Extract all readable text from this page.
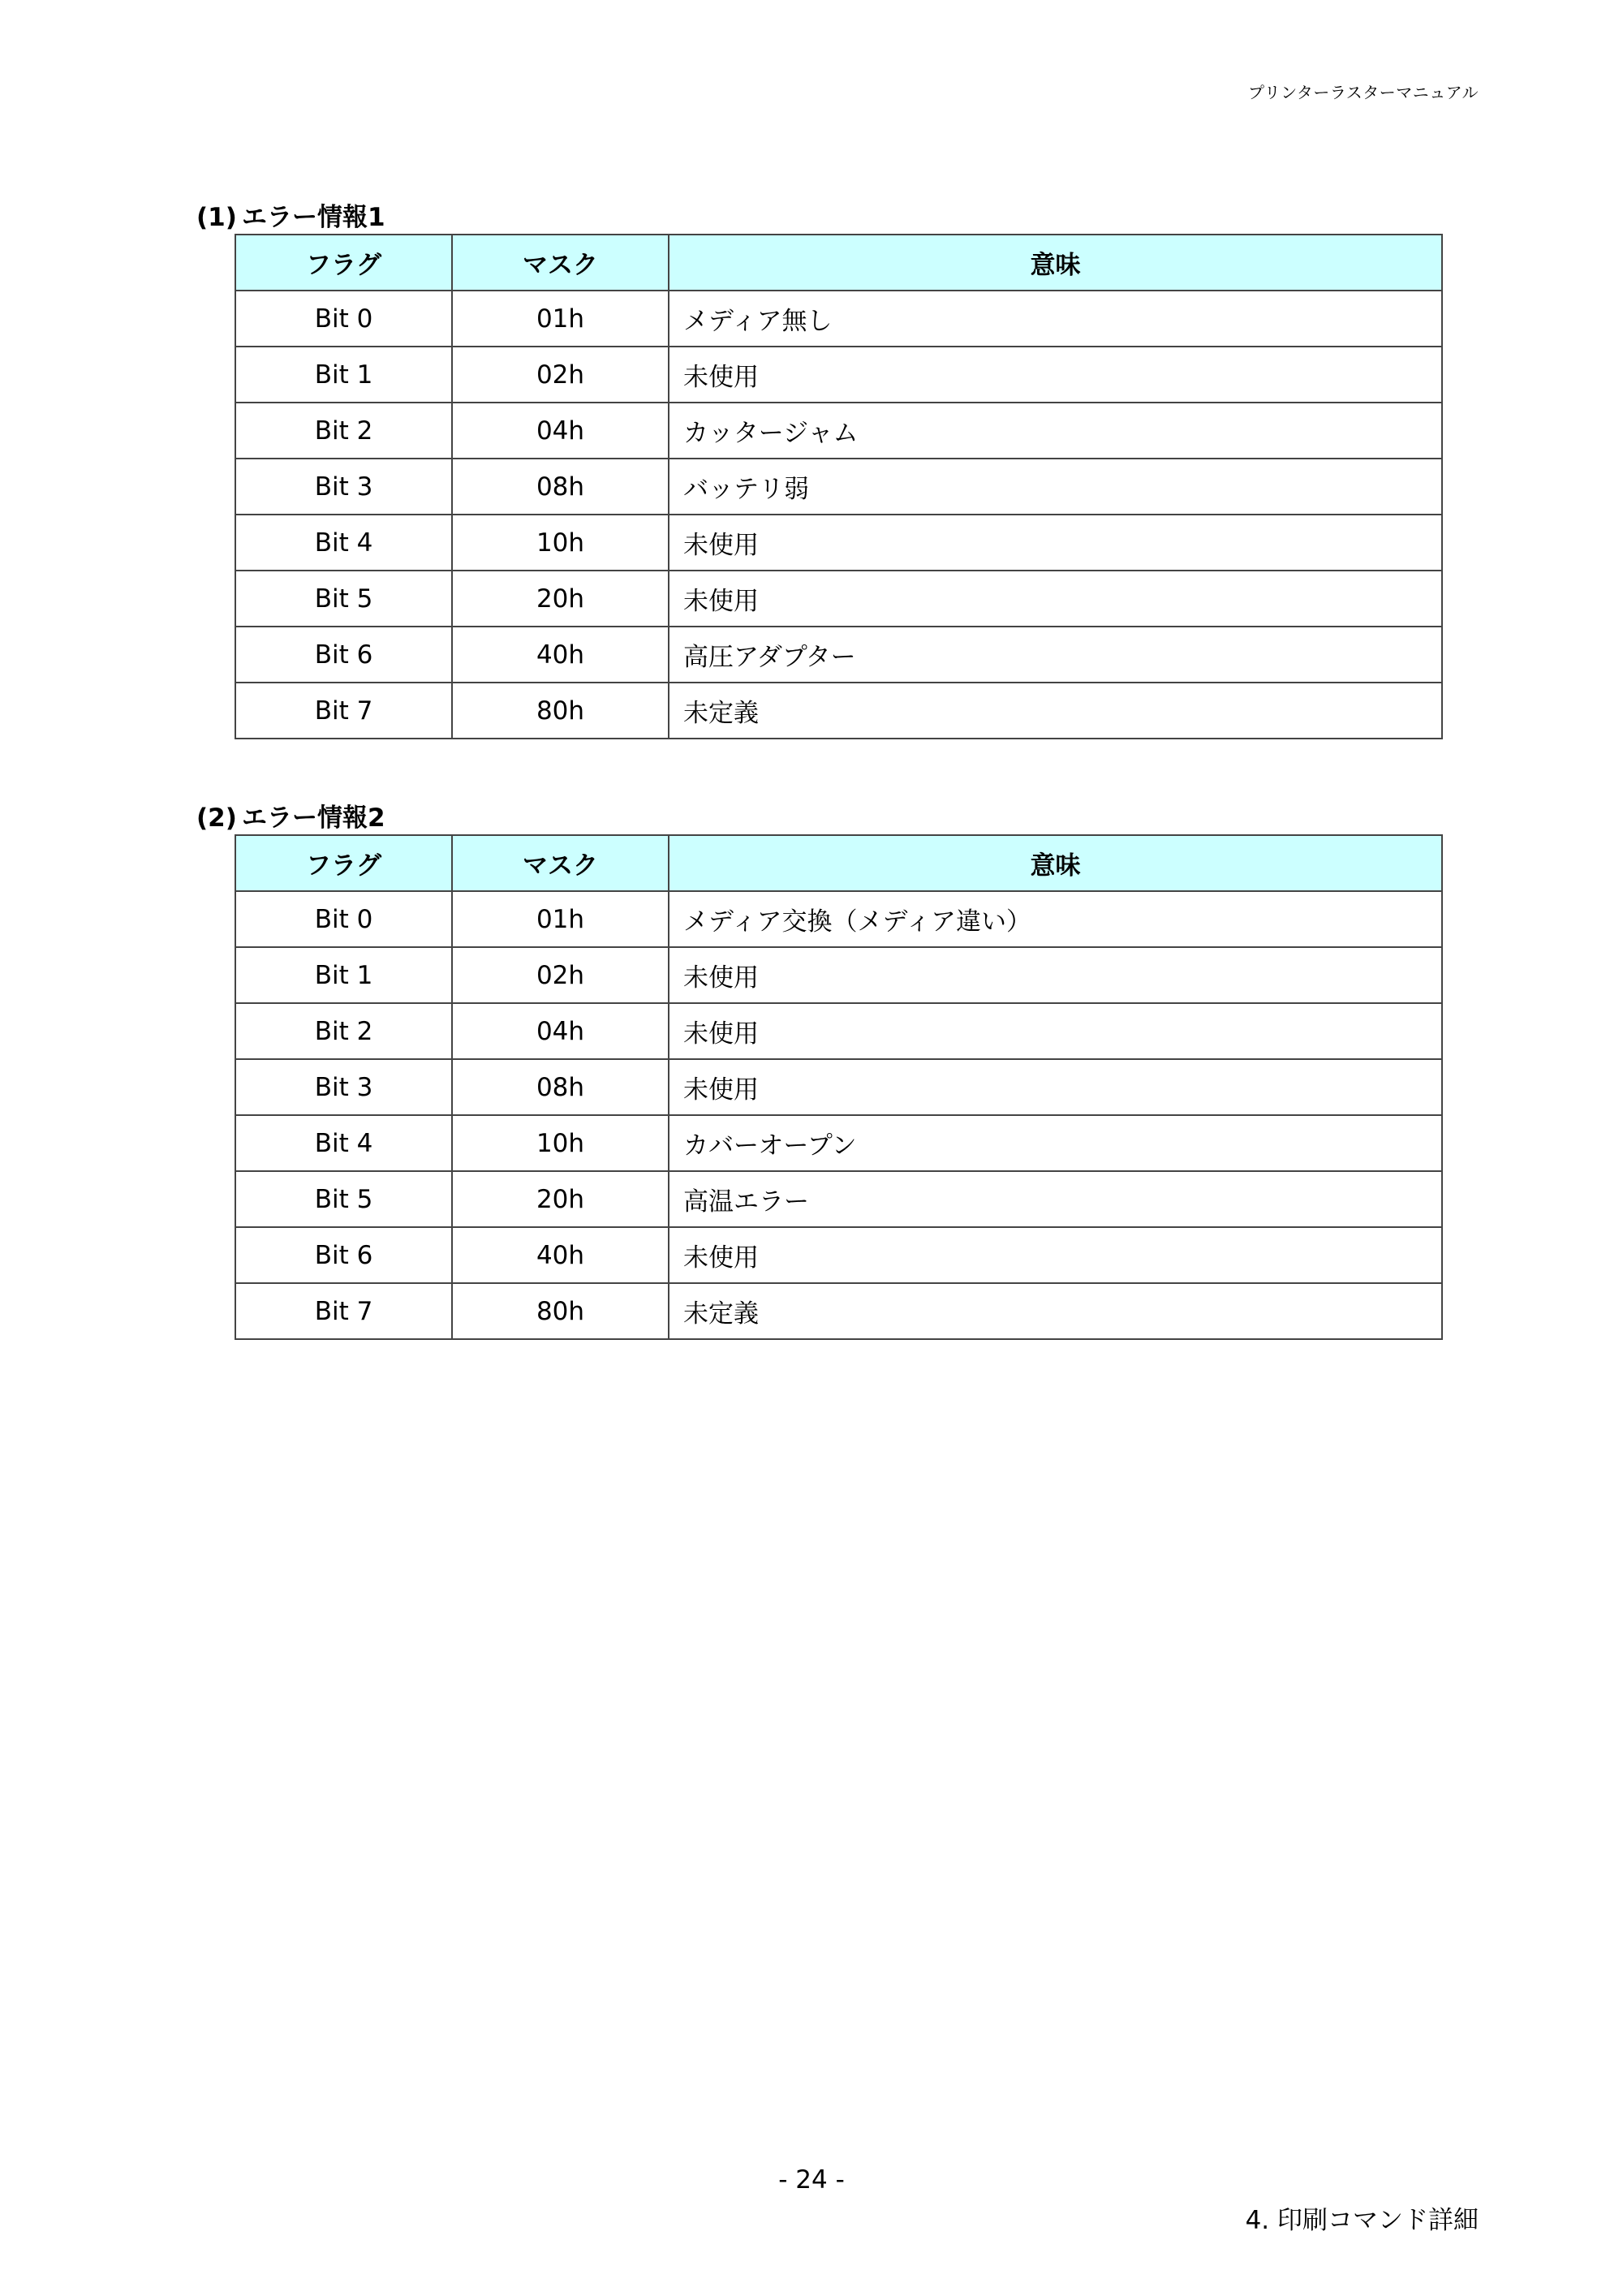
プリンターラスターマニュアル
(1) エラー情報1
フラグ	マスク	意味
Bit 0	01h	メディア無し
Bit 1	02h	未使用
Bit 2	04h	カッタージャム
Bit 3	08h	バッテリ弱
Bit 4	10h	未使用
Bit 5	20h	未使用
Bit 6	40h	高圧アダプター
Bit 7	80h	未定義
(2) エラー情報2
フラグ	マスク	意味
Bit 0	01h	メディア交換（メディア違い）
Bit 1	02h	未使用
Bit 2	04h	未使用
Bit 3	08h	未使用
Bit 4	10h	カバーオープン
Bit 5	20h	高温エラー
Bit 6	40h	未使用
Bit 7	80h	未定義
- 24 -
4. 印刷コマンド詳細
